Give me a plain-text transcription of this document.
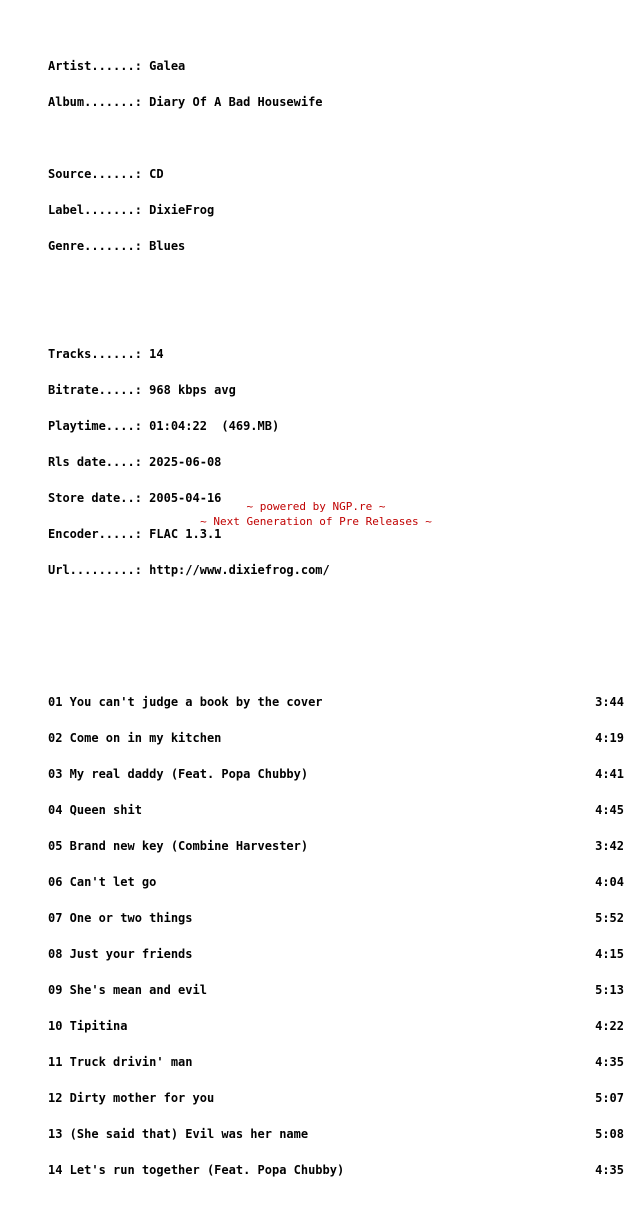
Artist......: Galea

Album.......: Diary Of A Bad Housewife

Source......: CD

Label.......: DixieFrog

Genre.......: Blues

Tracks......: 14

Bitrate.....: 968 kbps avg

Playtime....: 01:04:22  (469.MB)

Rls date....: 2025-06-08

Store date..: 2005-04-16

Encoder.....: FLAC 1.3.1

Url.........: http://www.dixiefrog.com/

01 You can't judge a book by the cover	3:44

02 Come on in my kitchen	4:19

03 My real daddy (Feat. Popa Chubby)	4:41

04 Queen shit	4:45

05 Brand new key (Combine Harvester)	3:42

06 Can't let go	4:04

07 One or two things	5:52

08 Just your friends	4:15

09 She's mean and evil	5:13

10 Tipitina	4:22

11 Truck drivin' man	4:35

12 Dirty mother for you	5:07

13 (She said that) Evil was her name	5:08

14 Let's run together (Feat. Popa Chubby)	4:35

~ powered by NGP.re ~
~ Next Generation of Pre Releases ~
